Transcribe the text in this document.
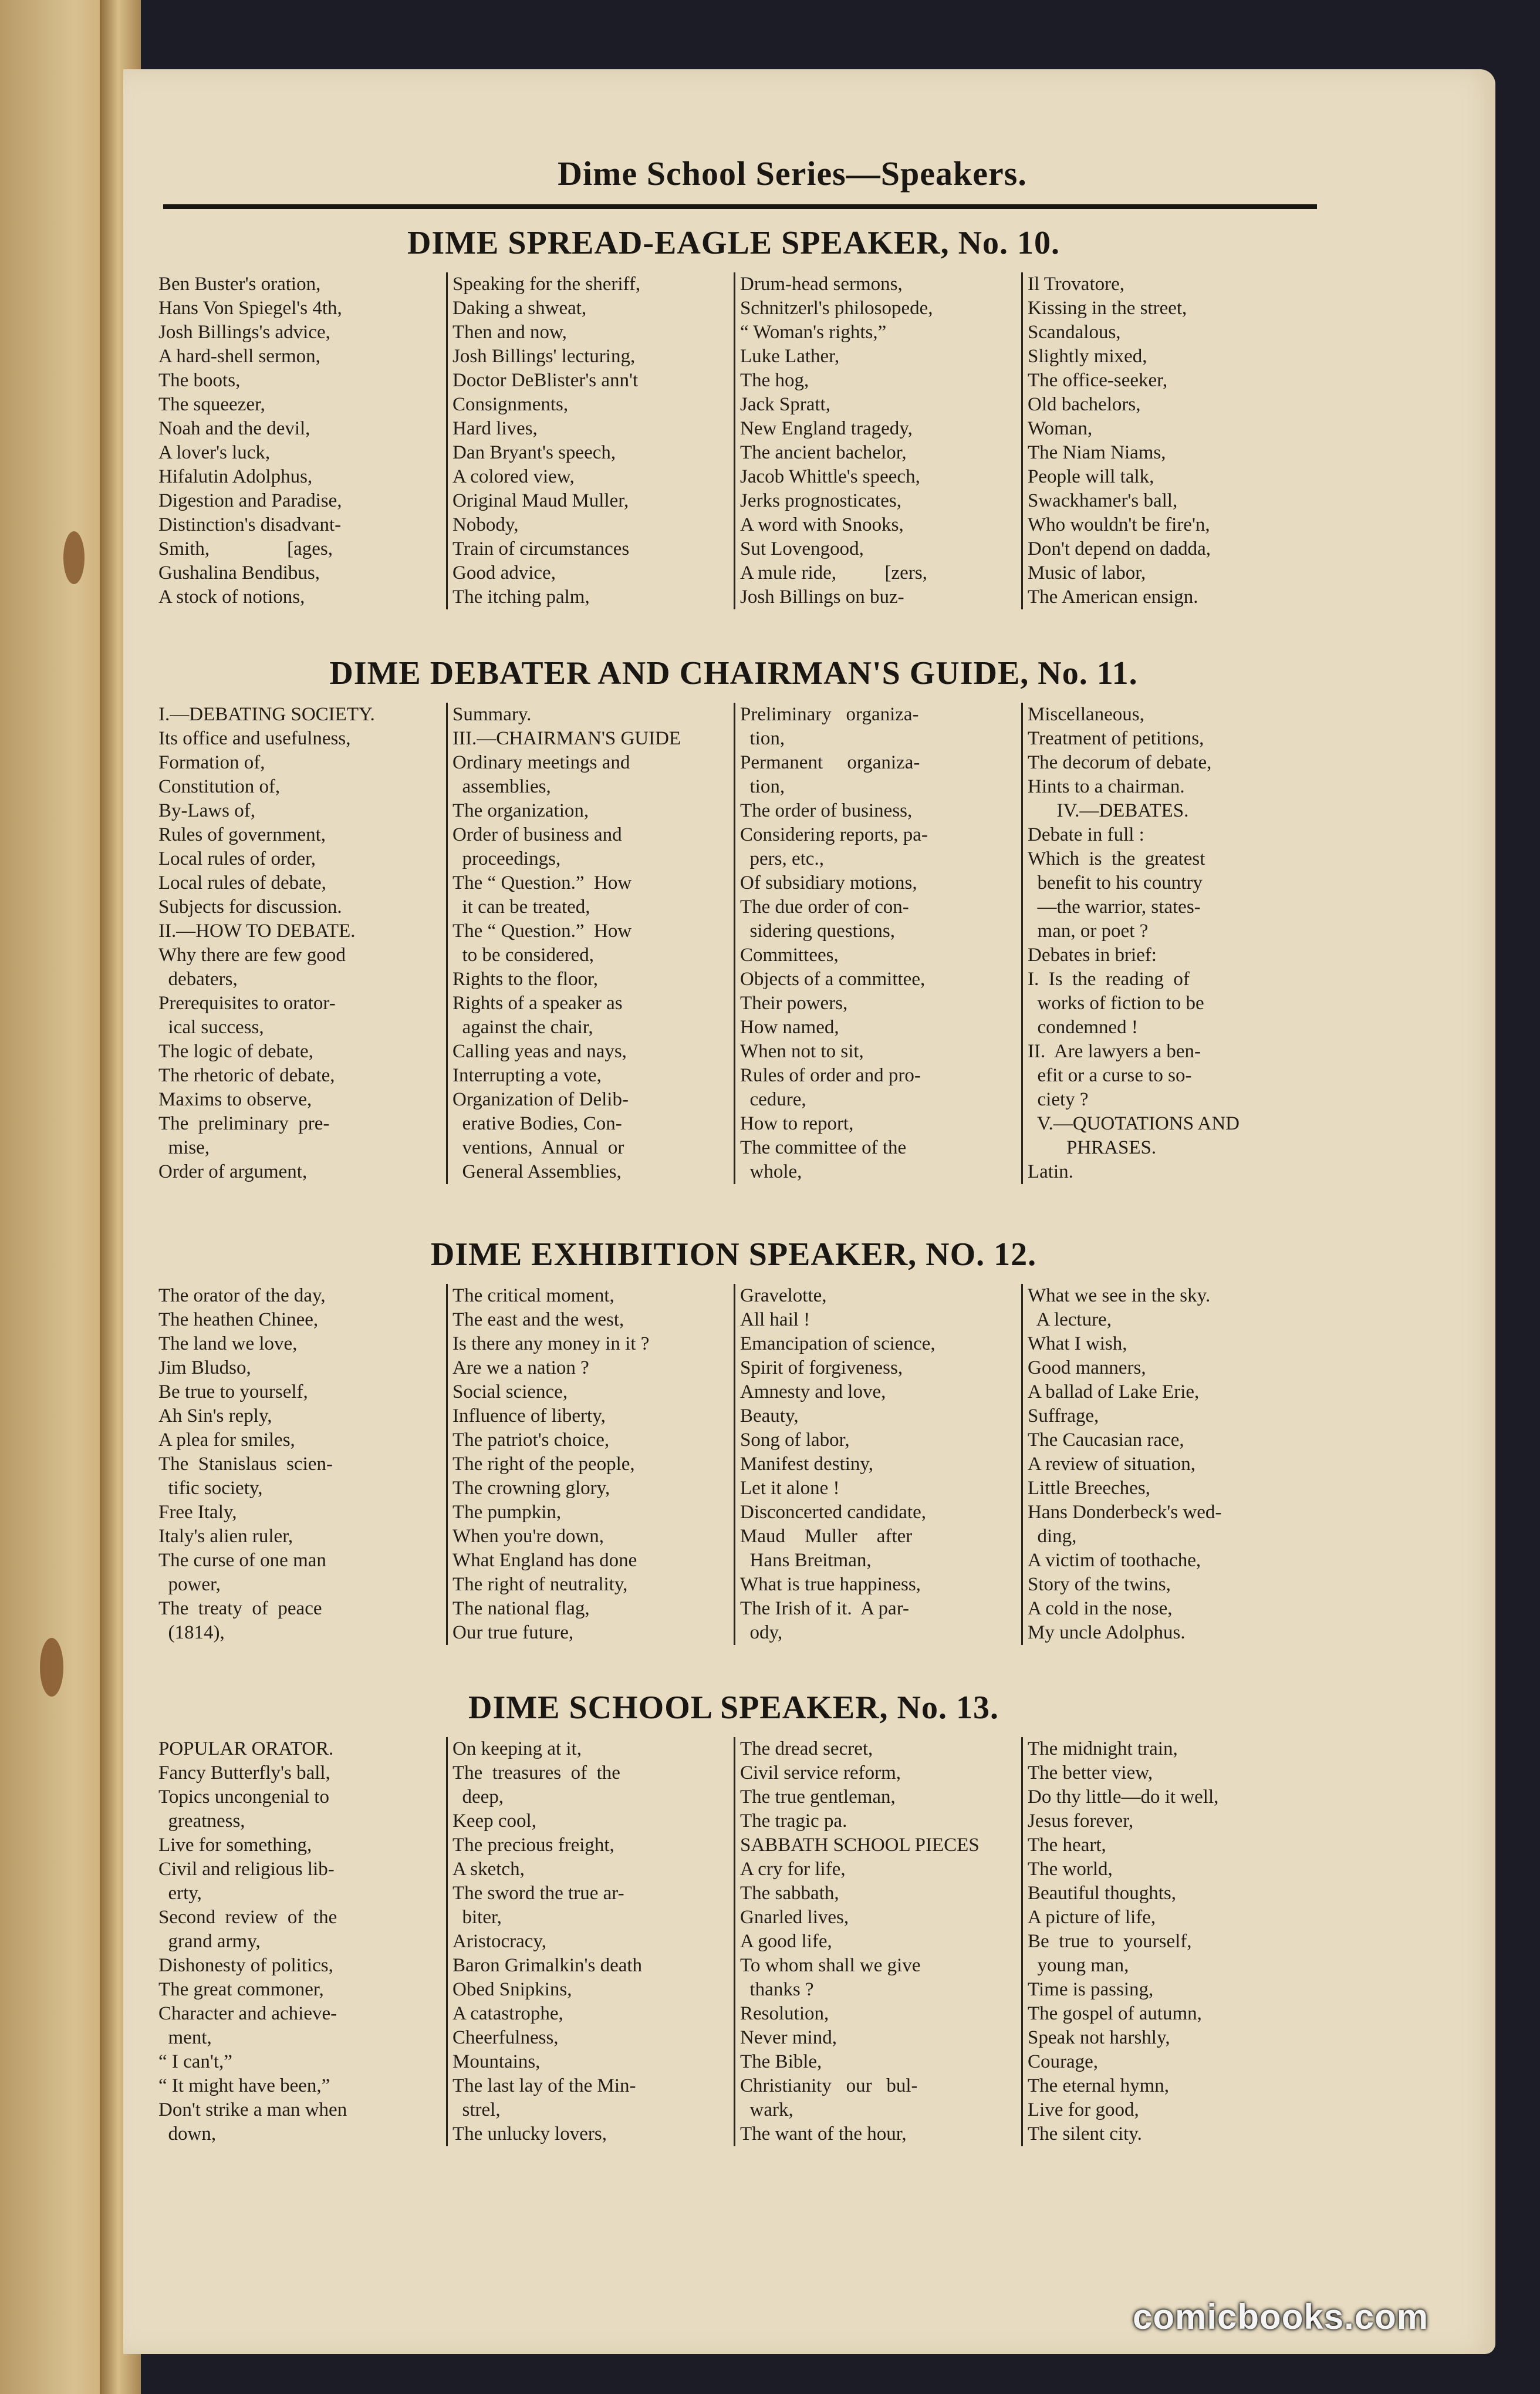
Dime School Series—Speakers.
DIME SPREAD-EAGLE SPEAKER, No. 10.
Ben Buster's oration,
Hans Von Spiegel's 4th,
Josh Billings's advice,
A hard-shell sermon,
The boots,
The squeezer,
Noah and the devil,
A lover's luck,
Hifalutin Adolphus,
Digestion and Paradise,
Distinction's disadvant-
Smith,                [ages,
Gushalina Bendibus,
A stock of notions,
Speaking for the sheriff,
Daking a shweat,
Then and now,
Josh Billings' lecturing,
Doctor DeBlister's ann't
Consignments,
Hard lives,
Dan Bryant's speech,
A colored view,
Original Maud Muller,
Nobody,
Train of circumstances
Good advice,
The itching palm,
Drum-head sermons,
Schnitzerl's philosopede,
“ Woman's rights,”
Luke Lather,
The hog,
Jack Spratt,
New England tragedy,
The ancient bachelor,
Jacob Whittle's speech,
Jerks prognosticates,
A word with Snooks,
Sut Lovengood,
A mule ride,          [zers,
Josh Billings on buz-
Il Trovatore,
Kissing in the street,
Scandalous,
Slightly mixed,
The office-seeker,
Old bachelors,
Woman,
The Niam Niams,
People will talk,
Swackhamer's ball,
Who wouldn't be fire'n,
Don't depend on dadda,
Music of labor,
The American ensign.
DIME DEBATER AND CHAIRMAN'S GUIDE, No. 11.
I.—DEBATING SOCIETY.
Its office and usefulness,
Formation of,
Constitution of,
By-Laws of,
Rules of government,
Local rules of order,
Local rules of debate,
Subjects for discussion.
II.—HOW TO DEBATE.
Why there are few good
debaters,
Prerequisites to orator-
ical success,
The logic of debate,
The rhetoric of debate,
Maxims to observe,
The  preliminary  pre-
mise,
Order of argument,
Summary.
III.—CHAIRMAN'S GUIDE
Ordinary meetings and
assemblies,
The organization,
Order of business and
proceedings,
The “ Question.”  How
it can be treated,
The “ Question.”  How
to be considered,
Rights to the floor,
Rights of a speaker as
against the chair,
Calling yeas and nays,
Interrupting a vote,
Organization of Delib-
erative Bodies, Con-
ventions,  Annual  or
General Assemblies,
Preliminary   organiza-
tion,
Permanent     organiza-
tion,
The order of business,
Considering reports, pa-
pers, etc.,
Of subsidiary motions,
The due order of con-
sidering questions,
Committees,
Objects of a committee,
Their powers,
How named,
When not to sit,
Rules of order and pro-
cedure,
How to report,
The committee of the
whole,
Miscellaneous,
Treatment of petitions,
The decorum of debate,
Hints to a chairman.
IV.—DEBATES.
Debate in full :
Which  is  the  greatest
benefit to his country
—the warrior, states-
man, or poet ?
Debates in brief:
I.  Is  the  reading  of
works of fiction to be
condemned !
II.  Are lawyers a ben-
efit or a curse to so-
ciety ?
V.—QUOTATIONS AND
PHRASES.
Latin.
DIME EXHIBITION SPEAKER, NO. 12.
The orator of the day,
The heathen Chinee,
The land we love,
Jim Bludso,
Be true to yourself,
Ah Sin's reply,
A plea for smiles,
The  Stanislaus  scien-
tific society,
Free Italy,
Italy's alien ruler,
The curse of one man
power,
The  treaty  of  peace
(1814),
The critical moment,
The east and the west,
Is there any money in it ?
Are we a nation ?
Social science,
Influence of liberty,
The patriot's choice,
The right of the people,
The crowning glory,
The pumpkin,
When you're down,
What England has done
The right of neutrality,
The national flag,
Our true future,
Gravelotte,
All hail !
Emancipation of science,
Spirit of forgiveness,
Amnesty and love,
Beauty,
Song of labor,
Manifest destiny,
Let it alone !
Disconcerted candidate,
Maud    Muller    after
Hans Breitman,
What is true happiness,
The Irish of it.  A par-
ody,
What we see in the sky.
A lecture,
What I wish,
Good manners,
A ballad of Lake Erie,
Suffrage,
The Caucasian race,
A review of situation,
Little Breeches,
Hans Donderbeck's wed-
ding,
A victim of toothache,
Story of the twins,
A cold in the nose,
My uncle Adolphus.
DIME SCHOOL SPEAKER, No. 13.
POPULAR ORATOR.
Fancy Butterfly's ball,
Topics uncongenial to
greatness,
Live for something,
Civil and religious lib-
erty,
Second  review  of  the
grand army,
Dishonesty of politics,
The great commoner,
Character and achieve-
ment,
“ I can't,”
“ It might have been,”
Don't strike a man when
down,
On keeping at it,
The  treasures  of  the
deep,
Keep cool,
The precious freight,
A sketch,
The sword the true ar-
biter,
Aristocracy,
Baron Grimalkin's death
Obed Snipkins,
A catastrophe,
Cheerfulness,
Mountains,
The last lay of the Min-
strel,
The unlucky lovers,
The dread secret,
Civil service reform,
The true gentleman,
The tragic pa.
SABBATH SCHOOL PIECES
A cry for life,
The sabbath,
Gnarled lives,
A good life,
To whom shall we give
thanks ?
Resolution,
Never mind,
The Bible,
Christianity   our   bul-
wark,
The want of the hour,
The midnight train,
The better view,
Do thy little—do it well,
Jesus forever,
The heart,
The world,
Beautiful thoughts,
A picture of life,
Be  true  to  yourself,
young man,
Time is passing,
The gospel of autumn,
Speak not harshly,
Courage,
The eternal hymn,
Live for good,
The silent city.
comicbooks.com
